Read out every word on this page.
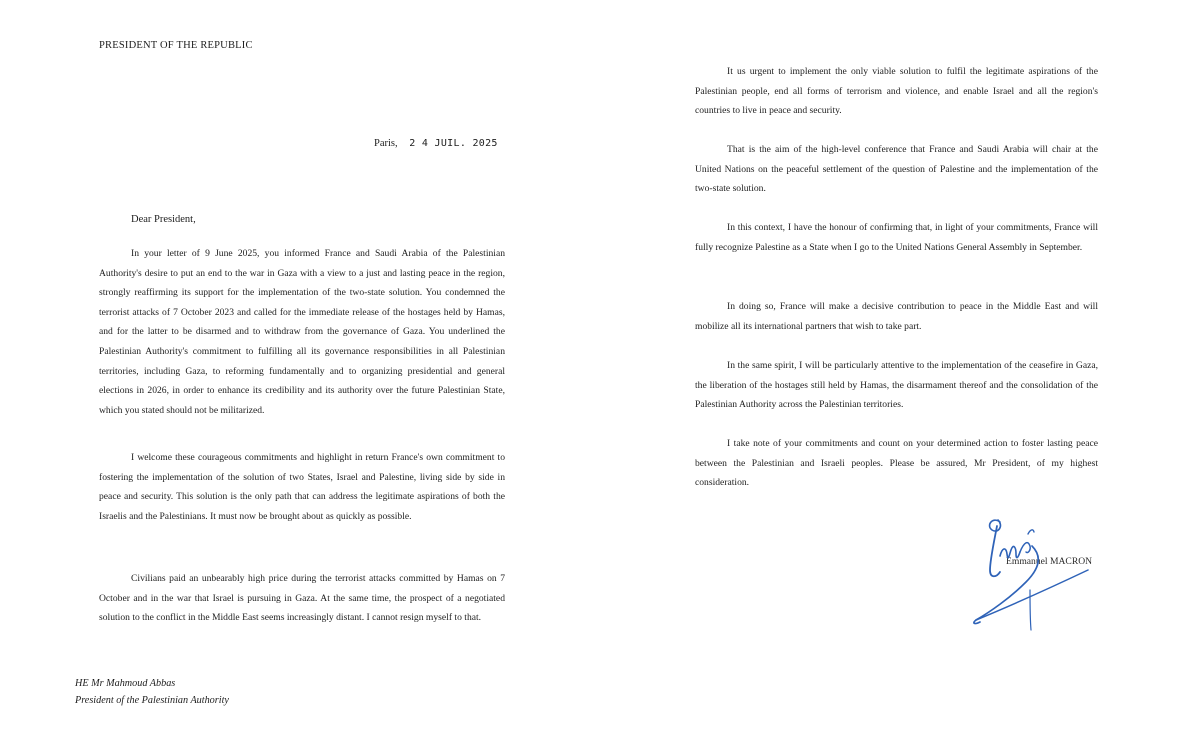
PRESIDENT OF THE REPUBLIC
Paris, 2 4 JUIL. 2025
Dear President,

In your letter of 9 June 2025, you informed France and Saudi Arabia of the Palestinian Authority's desire to put an end to the war in Gaza with a view to a just and lasting peace in the region, strongly reaffirming its support for the implementation of the two-state solution. You condemned the terrorist attacks of 7 October 2023 and called for the immediate release of the hostages held by Hamas, and for the latter to be disarmed and to withdraw from the governance of Gaza. You underlined the Palestinian Authority's commitment to fulfilling all its governance responsibilities in all Palestinian territories, including Gaza, to reforming fundamentally and to organizing presidential and general elections in 2026, in order to enhance its credibility and its authority over the future Palestinian State, which you stated should not be militarized.

I welcome these courageous commitments and highlight in return France's own commitment to fostering the implementation of the solution of two States, Israel and Palestine, living side by side in peace and security. This solution is the only path that can address the legitimate aspirations of both the Israelis and the Palestinians. It must now be brought about as quickly as possible.

Civilians paid an unbearably high price during the terrorist attacks committed by Hamas on 7 October and in the war that Israel is pursuing in Gaza. At the same time, the prospect of a negotiated solution to the conflict in the Middle East seems increasingly distant. I cannot resign myself to that.

HE Mr Mahmoud Abbas
President of the Palestinian Authority

It us urgent to implement the only viable solution to fulfil the legitimate aspirations of the Palestinian people, end all forms of terrorism and violence, and enable Israel and all the region's countries to live in peace and security.

That is the aim of the high-level conference that France and Saudi Arabia will chair at the United Nations on the peaceful settlement of the question of Palestine and the implementation of the two-state solution.

In this context, I have the honour of confirming that, in light of your commitments, France will fully recognize Palestine as a State when I go to the United Nations General Assembly in September.

In doing so, France will make a decisive contribution to peace in the Middle East and will mobilize all its international partners that wish to take part.

In the same spirit, I will be particularly attentive to the implementation of the ceasefire in Gaza, the liberation of the hostages still held by Hamas, the disarmament thereof and the consolidation of the Palestinian Authority across the Palestinian territories.

I take note of your commitments and count on your determined action to foster lasting peace between the Palestinian and Israeli peoples. Please be assured, Mr President, of my highest consideration.

Emmanuel MACRON
